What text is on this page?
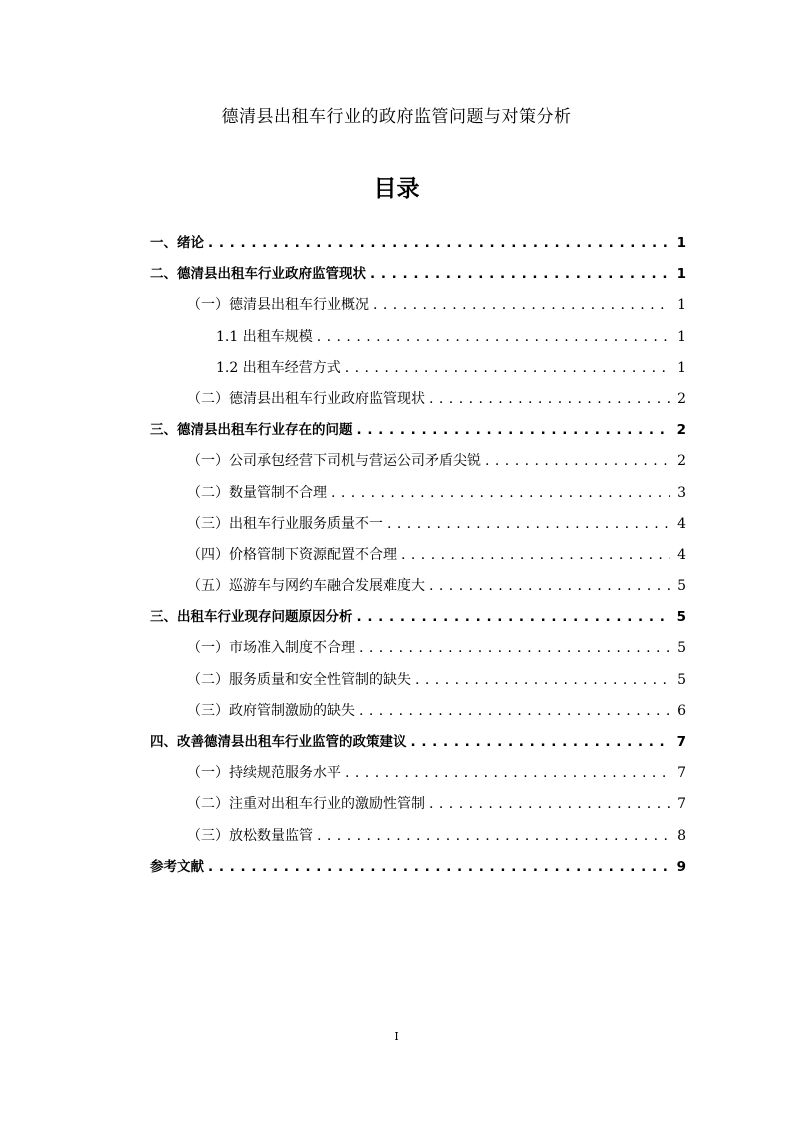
德清县出租车行业的政府监管问题与对策分析
目录
一、绪论 . . .	1
二、德清县出租车行业政府监管现状 . . .	1
（一）德清县出租车行业概况 . . .	1
1.1 出租车规模 . . .	1
1.2 出租车经营方式 . . .	1
（二）德清县出租车行业政府监管现状 . . .	2
三、德清县出租车行业存在的问题 . . .	2
（一）公司承包经营下司机与营运公司矛盾尖锐 . . .	2
（二）数量管制不合理 . . .	3
（三）出租车行业服务质量不一 . . .	4
（四）价格管制下资源配置不合理 . . .	4
（五）巡游车与网约车融合发展难度大 . . .	5
三、出租车行业现存问题原因分析 . . .	5
（一）市场准入制度不合理 . . .	5
（二）服务质量和安全性管制的缺失 . . .	5
（三）政府管制激励的缺失 . . .	6
四、改善德清县出租车行业监管的政策建议 . . .	7
（一）持续规范服务水平 . . .	7
（二）注重对出租车行业的激励性管制 . . .	7
（三）放松数量监管 . . .	8
参考文献 . . .	9
I
